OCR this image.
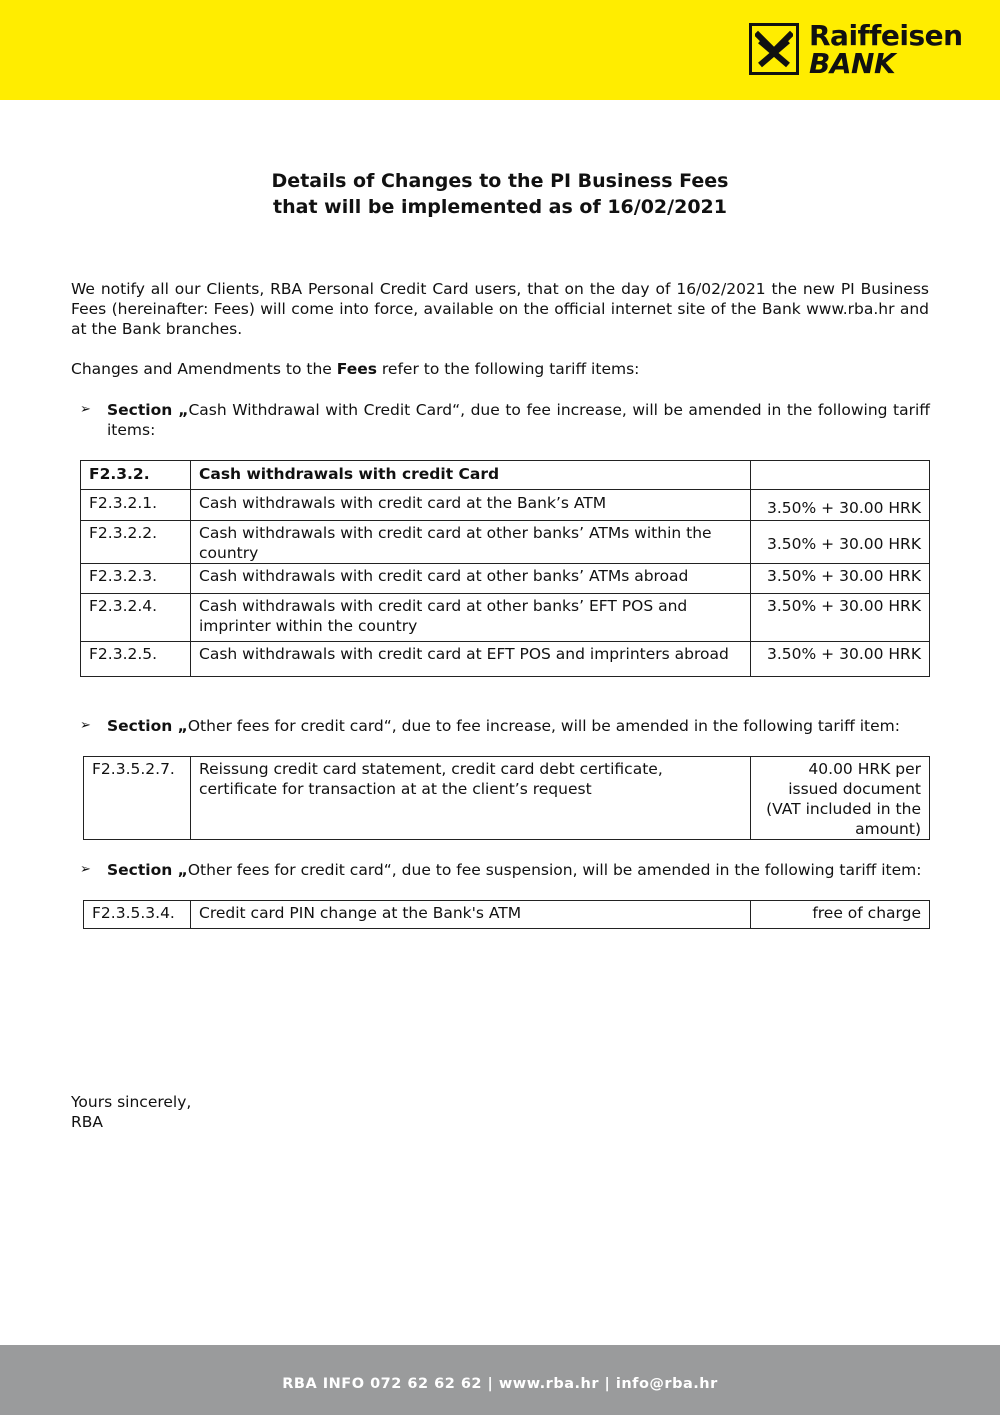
Raiffeisen
BANK
Details of Changes to the PI Business Fees
that will be implemented as of 16/02/2021
We notify all our Clients, RBA Personal Credit Card users, that on the day of 16/02/2021 the new PI Business Fees (hereinafter: Fees) will come into force, available on the official internet site of the Bank www.rba.hr and at the Bank branches.
Changes and Amendments to the Fees refer to the following tariff items:
➢ Section „Cash Withdrawal with Credit Card“, due to fee increase, will be amended in the following tariff items:
F2.3.2.	Cash withdrawals with credit Card	
F2.3.2.1.	Cash withdrawals with credit card at the Bank’s ATM	3.50% + 30.00 HRK
F2.3.2.2.	Cash withdrawals with credit card at other banks’ ATMs within the country	3.50% + 30.00 HRK
F2.3.2.3.	Cash withdrawals with credit card at other banks’ ATMs abroad	3.50% + 30.00 HRK
F2.3.2.4.	Cash withdrawals with credit card at other banks’ EFT POS and imprinter within the country	3.50% + 30.00 HRK
F2.3.2.5.	Cash withdrawals with credit card at EFT POS and imprinters abroad	3.50% + 30.00 HRK
➢ Section „Other fees for credit card“, due to fee increase, will be amended in the following tariff item:
F2.3.5.2.7.	Reissung credit card statement, credit card debt certificate, certificate for transaction at at the client’s request	40.00 HRK per issued document (VAT included in the amount)
➢ Section „Other fees for credit card“, due to fee suspension, will be amended in the following tariff item:
F2.3.5.3.4.	Credit card PIN change at the Bank's ATM	free of charge
Yours sincerely,
RBA
RBA INFO 072 62 62 62 | www.rba.hr | info@rba.hr
